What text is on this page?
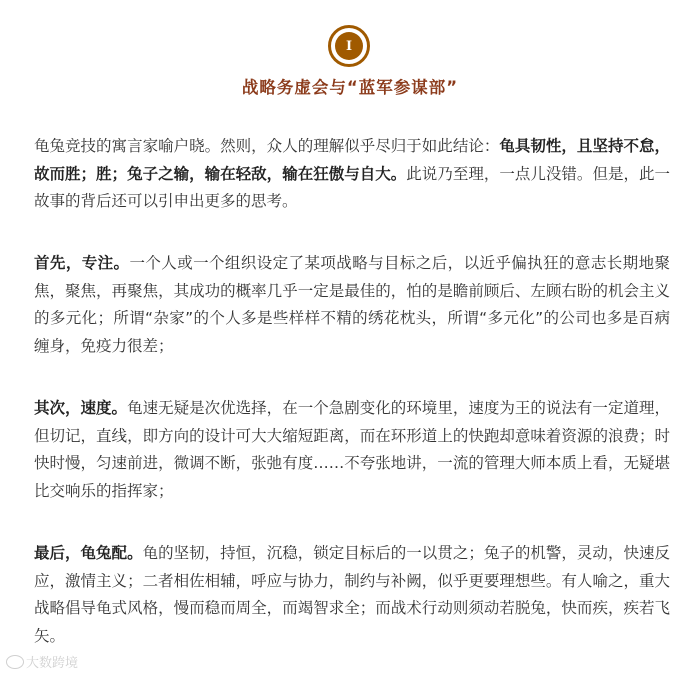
I
战略务虚会与“蓝军参谋部”
龟兔竞技的寓言家喻户晓。然则，众人的理解似乎尽归于如此结论：龟具韧性，且坚持不怠，故而胜；胜；兔子之输，输在轻敌，输在狂傲与自大。此说乃至理，一点儿没错。但是，此一故事的背后还可以引申出更多的思考。
首先，专注。一个人或一个组织设定了某项战略与目标之后，以近乎偏执狂的意志长期地聚焦，聚焦，再聚焦，其成功的概率几乎一定是最佳的，怕的是瞻前顾后、左顾右盼的机会主义的多元化；所谓“杂家”的个人多是些样样不精的绣花枕头，所谓“多元化”的公司也多是百病缠身，免疫力很差；
其次，速度。龟速无疑是次优选择，在一个急剧变化的环境里，速度为王的说法有一定道理，但切记，直线，即方向的设计可大大缩短距离，而在环形道上的快跑却意味着资源的浪费；时快时慢，匀速前进，微调不断，张弛有度……不夸张地讲，一流的管理大师本质上看，无疑堪比交响乐的指挥家；
最后，龟兔配。龟的坚韧，持恒，沉稳，锁定目标后的一以贯之；兔子的机警，灵动，快速反应，激情主义；二者相佐相辅，呼应与协力，制约与补阙，似乎更要理想些。有人喻之，重大战略倡导龟式风格，慢而稳而周全，而竭智求全；而战术行动则须动若脱兔，快而疾，疾若飞矢。
大数跨境
